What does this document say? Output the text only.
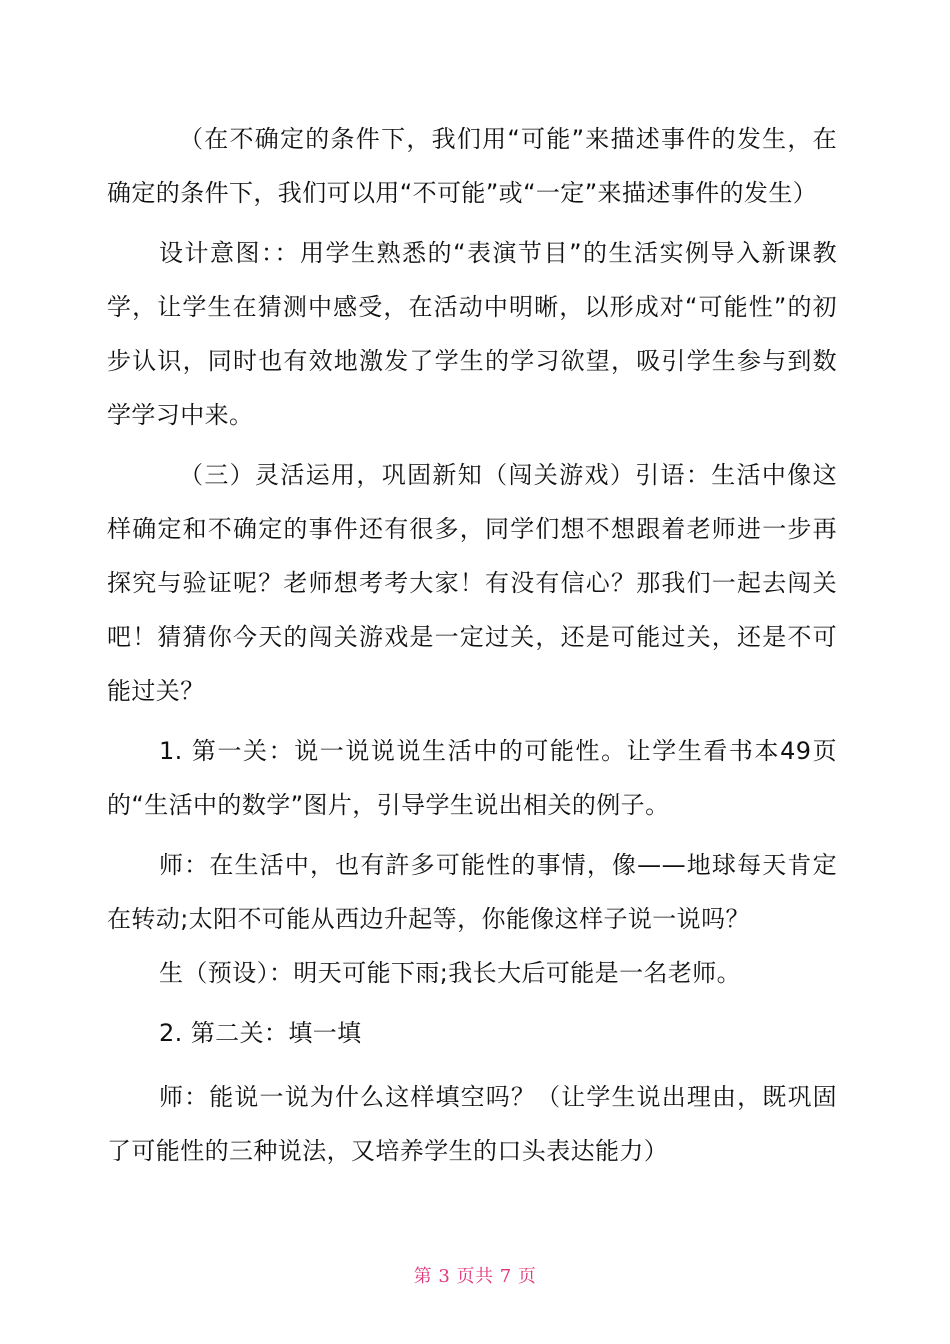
（在不确定的条件下，我们用“可能”来描述事件的发生，在确定的条件下，我们可以用“不可能”或“一定”来描述事件的发生）

设计意图：：用学生熟悉的“表演节目”的生活实例导入新课教学，让学生在猜测中感受，在活动中明晰，以形成对“可能性”的初步认识，同时也有效地激发了学生的学习欲望，吸引学生参与到数学学习中来。

（三）灵活运用，巩固新知（闯关游戏）引语：生活中像这样确定和不确定的事件还有很多，同学们想不想跟着老师进一步再探究与验证呢？老师想考考大家！有没有信心？那我们一起去闯关吧！猜猜你今天的闯关游戏是一定过关，还是可能过关，还是不可能过关？

1. 第一关：说一说说说生活中的可能性。让学生看书本49页的“生活中的数学”图片，引导学生说出相关的例子。

师：在生活中，也有許多可能性的事情，像——地球每天肯定在转动;太阳不可能从西边升起等，你能像这样子说一说吗？

生（预设）：明天可能下雨;我长大后可能是一名老师。

2. 第二关：填一填

师：能说一说为什么这样填空吗？（让学生说出理由，既巩固了可能性的三种说法，又培养学生的口头表达能力）

第 3 页共 7 页
